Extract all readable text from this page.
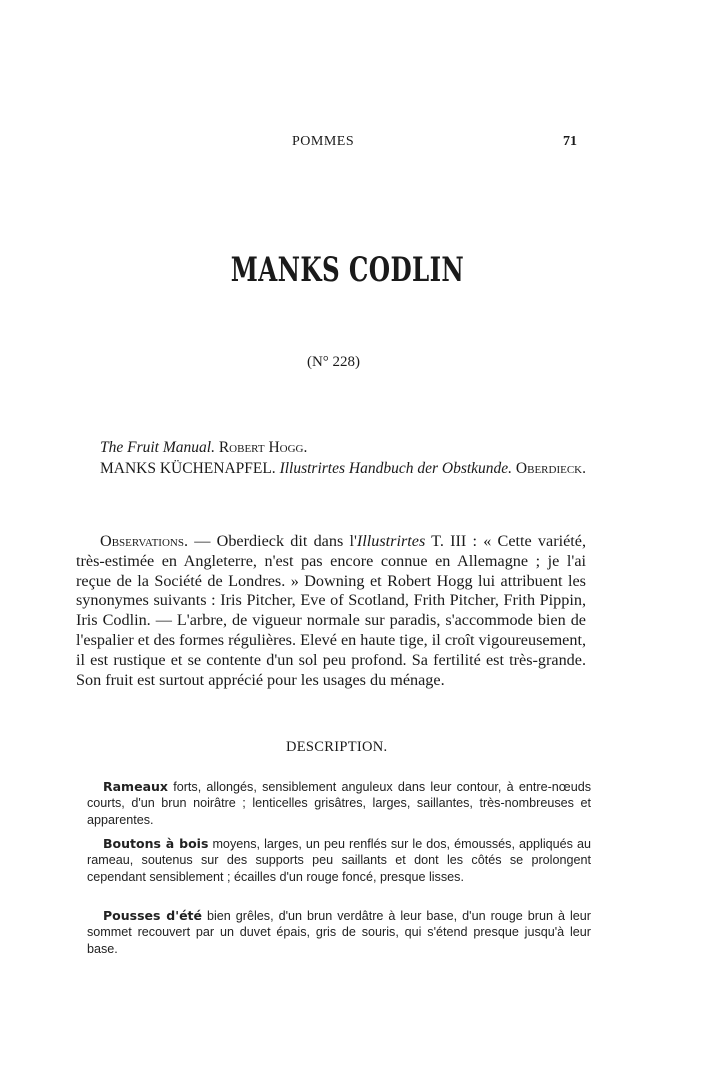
POMMES	71
MANKS CODLIN
(N° 228)

The Fruit Manual. Robert Hogg.

MANKS KÜCHENAPFEL. Illustrirtes Handbuch der Obstkunde. Oberdieck.

Observations. — Oberdieck dit dans l'Illustrirtes T. III : « Cette variété, très-estimée en Angleterre, n'est pas encore connue en Allemagne ; je l'ai reçue de la Société de Londres. » Downing et Robert Hogg lui attribuent les synonymes suivants : Iris Pitcher, Eve of Scotland, Frith Pitcher, Frith Pippin, Iris Codlin. — L'arbre, de vigueur normale sur paradis, s'accommode bien de l'espalier et des formes régulières. Elevé en haute tige, il croît vigoureusement, il est rustique et se contente d'un sol peu profond. Sa fertilité est très-grande. Son fruit est surtout apprécié pour les usages du ménage.

DESCRIPTION.

Rameaux forts, allongés, sensiblement anguleux dans leur contour, à entre-nœuds courts, d'un brun noirâtre ; lenticelles grisâtres, larges, saillantes, très-nombreuses et apparentes.

Boutons à bois moyens, larges, un peu renflés sur le dos, émoussés, appliqués au rameau, soutenus sur des supports peu saillants et dont les côtés se prolongent cependant sensiblement ; écailles d'un rouge foncé, presque lisses.

Pousses d'été bien grêles, d'un brun verdâtre à leur base, d'un rouge brun à leur sommet recouvert par un duvet épais, gris de souris, qui s'étend presque jusqu'à leur base.
